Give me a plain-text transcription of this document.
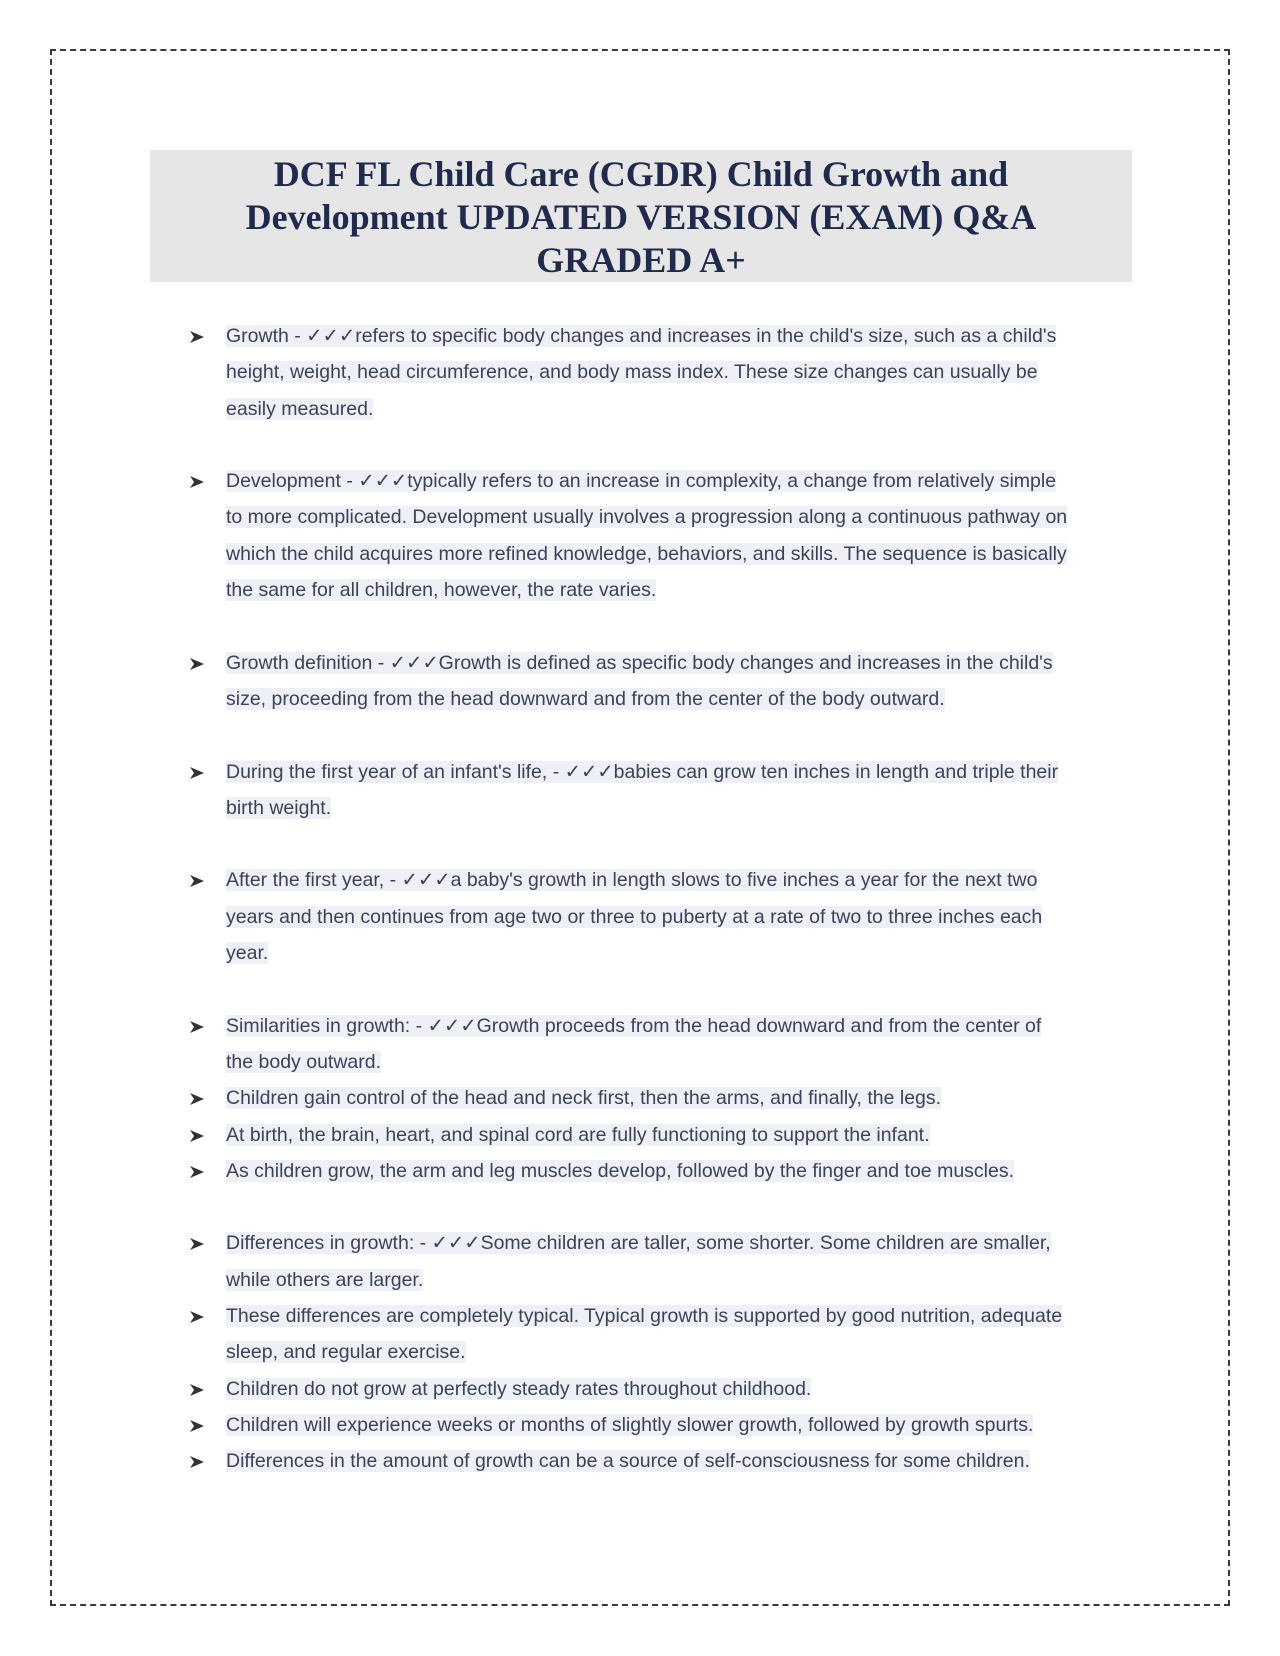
DCF FL Child Care (CGDR) Child Growth and
Development UPDATED VERSION (EXAM) Q&A
GRADED A+
Growth - ✓✓✓refers to specific body changes and increases in the child's size, such as a child's
height, weight, head circumference, and body mass index. These size changes can usually be
easily measured.
Development - ✓✓✓typically refers to an increase in complexity, a change from relatively simple
to more complicated. Development usually involves a progression along a continuous pathway on
which the child acquires more refined knowledge, behaviors, and skills. The sequence is basically
the same for all children, however, the rate varies.
Growth definition - ✓✓✓Growth is defined as specific body changes and increases in the child's
size, proceeding from the head downward and from the center of the body outward.
During the first year of an infant's life, - ✓✓✓babies can grow ten inches in length and triple their
birth weight.
After the first year, - ✓✓✓a baby's growth in length slows to five inches a year for the next two
years and then continues from age two or three to puberty at a rate of two to three inches each
year.
Similarities in growth: - ✓✓✓Growth proceeds from the head downward and from the center of
the body outward.
Children gain control of the head and neck first, then the arms, and finally, the legs.
At birth, the brain, heart, and spinal cord are fully functioning to support the infant.
As children grow, the arm and leg muscles develop, followed by the finger and toe muscles.
Differences in growth: - ✓✓✓Some children are taller, some shorter. Some children are smaller,
while others are larger.
These differences are completely typical. Typical growth is supported by good nutrition, adequate
sleep, and regular exercise.
Children do not grow at perfectly steady rates throughout childhood.
Children will experience weeks or months of slightly slower growth, followed by growth spurts.
Differences in the amount of growth can be a source of self-consciousness for some children.
